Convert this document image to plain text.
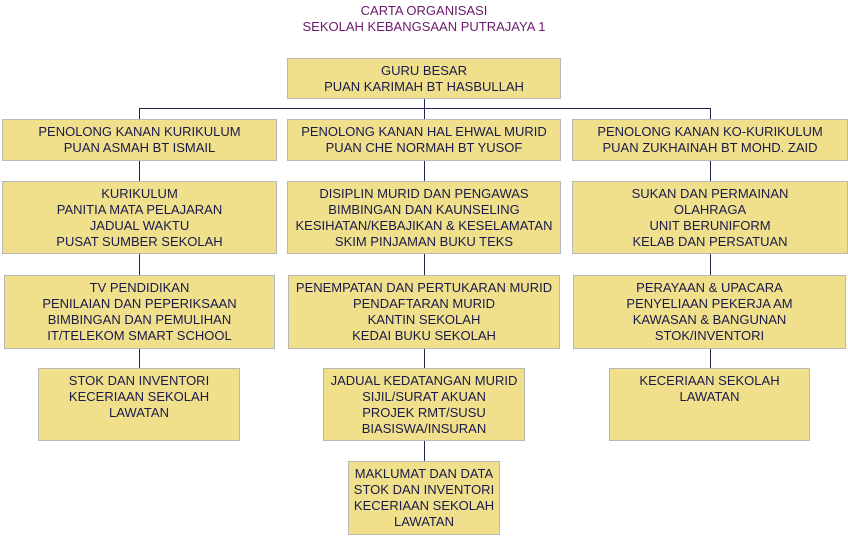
CARTA ORGANISASI
SEKOLAH KEBANGSAAN PUTRAJAYA 1
GURU BESAR
PUAN KARIMAH BT HASBULLAH
PENOLONG KANAN KURIKULUM
PUAN ASMAH BT ISMAIL
PENOLONG KANAN HAL EHWAL MURID
PUAN CHE NORMAH BT YUSOF
PENOLONG KANAN KO-KURIKULUM
PUAN ZUKHAINAH BT MOHD. ZAID
KURIKULUM
PANITIA MATA PELAJARAN
JADUAL WAKTU
PUSAT SUMBER SEKOLAH
DISIPLIN MURID DAN PENGAWAS
BIMBINGAN DAN KAUNSELING
KESIHATAN/KEBAJIKAN & KESELAMATAN
SKIM PINJAMAN BUKU TEKS
SUKAN DAN PERMAINAN
OLAHRAGA
UNIT BERUNIFORM
KELAB DAN PERSATUAN
TV PENDIDIKAN
PENILAIAN DAN PEPERIKSAAN
BIMBINGAN DAN PEMULIHAN
IT/TELEKOM SMART SCHOOL
PENEMPATAN DAN PERTUKARAN MURID
PENDAFTARAN MURID
KANTIN SEKOLAH
KEDAI BUKU SEKOLAH
PERAYAAN & UPACARA
PENYELIAAN PEKERJA AM
KAWASAN & BANGUNAN
STOK/INVENTORI
STOK DAN INVENTORI
KECERIAAN SEKOLAH
LAWATAN
JADUAL KEDATANGAN MURID
SIJIL/SURAT AKUAN
PROJEK RMT/SUSU
BIASISWA/INSURAN
KECERIAAN SEKOLAH
LAWATAN
MAKLUMAT DAN DATA
STOK DAN INVENTORI
KECERIAAN SEKOLAH
LAWATAN
